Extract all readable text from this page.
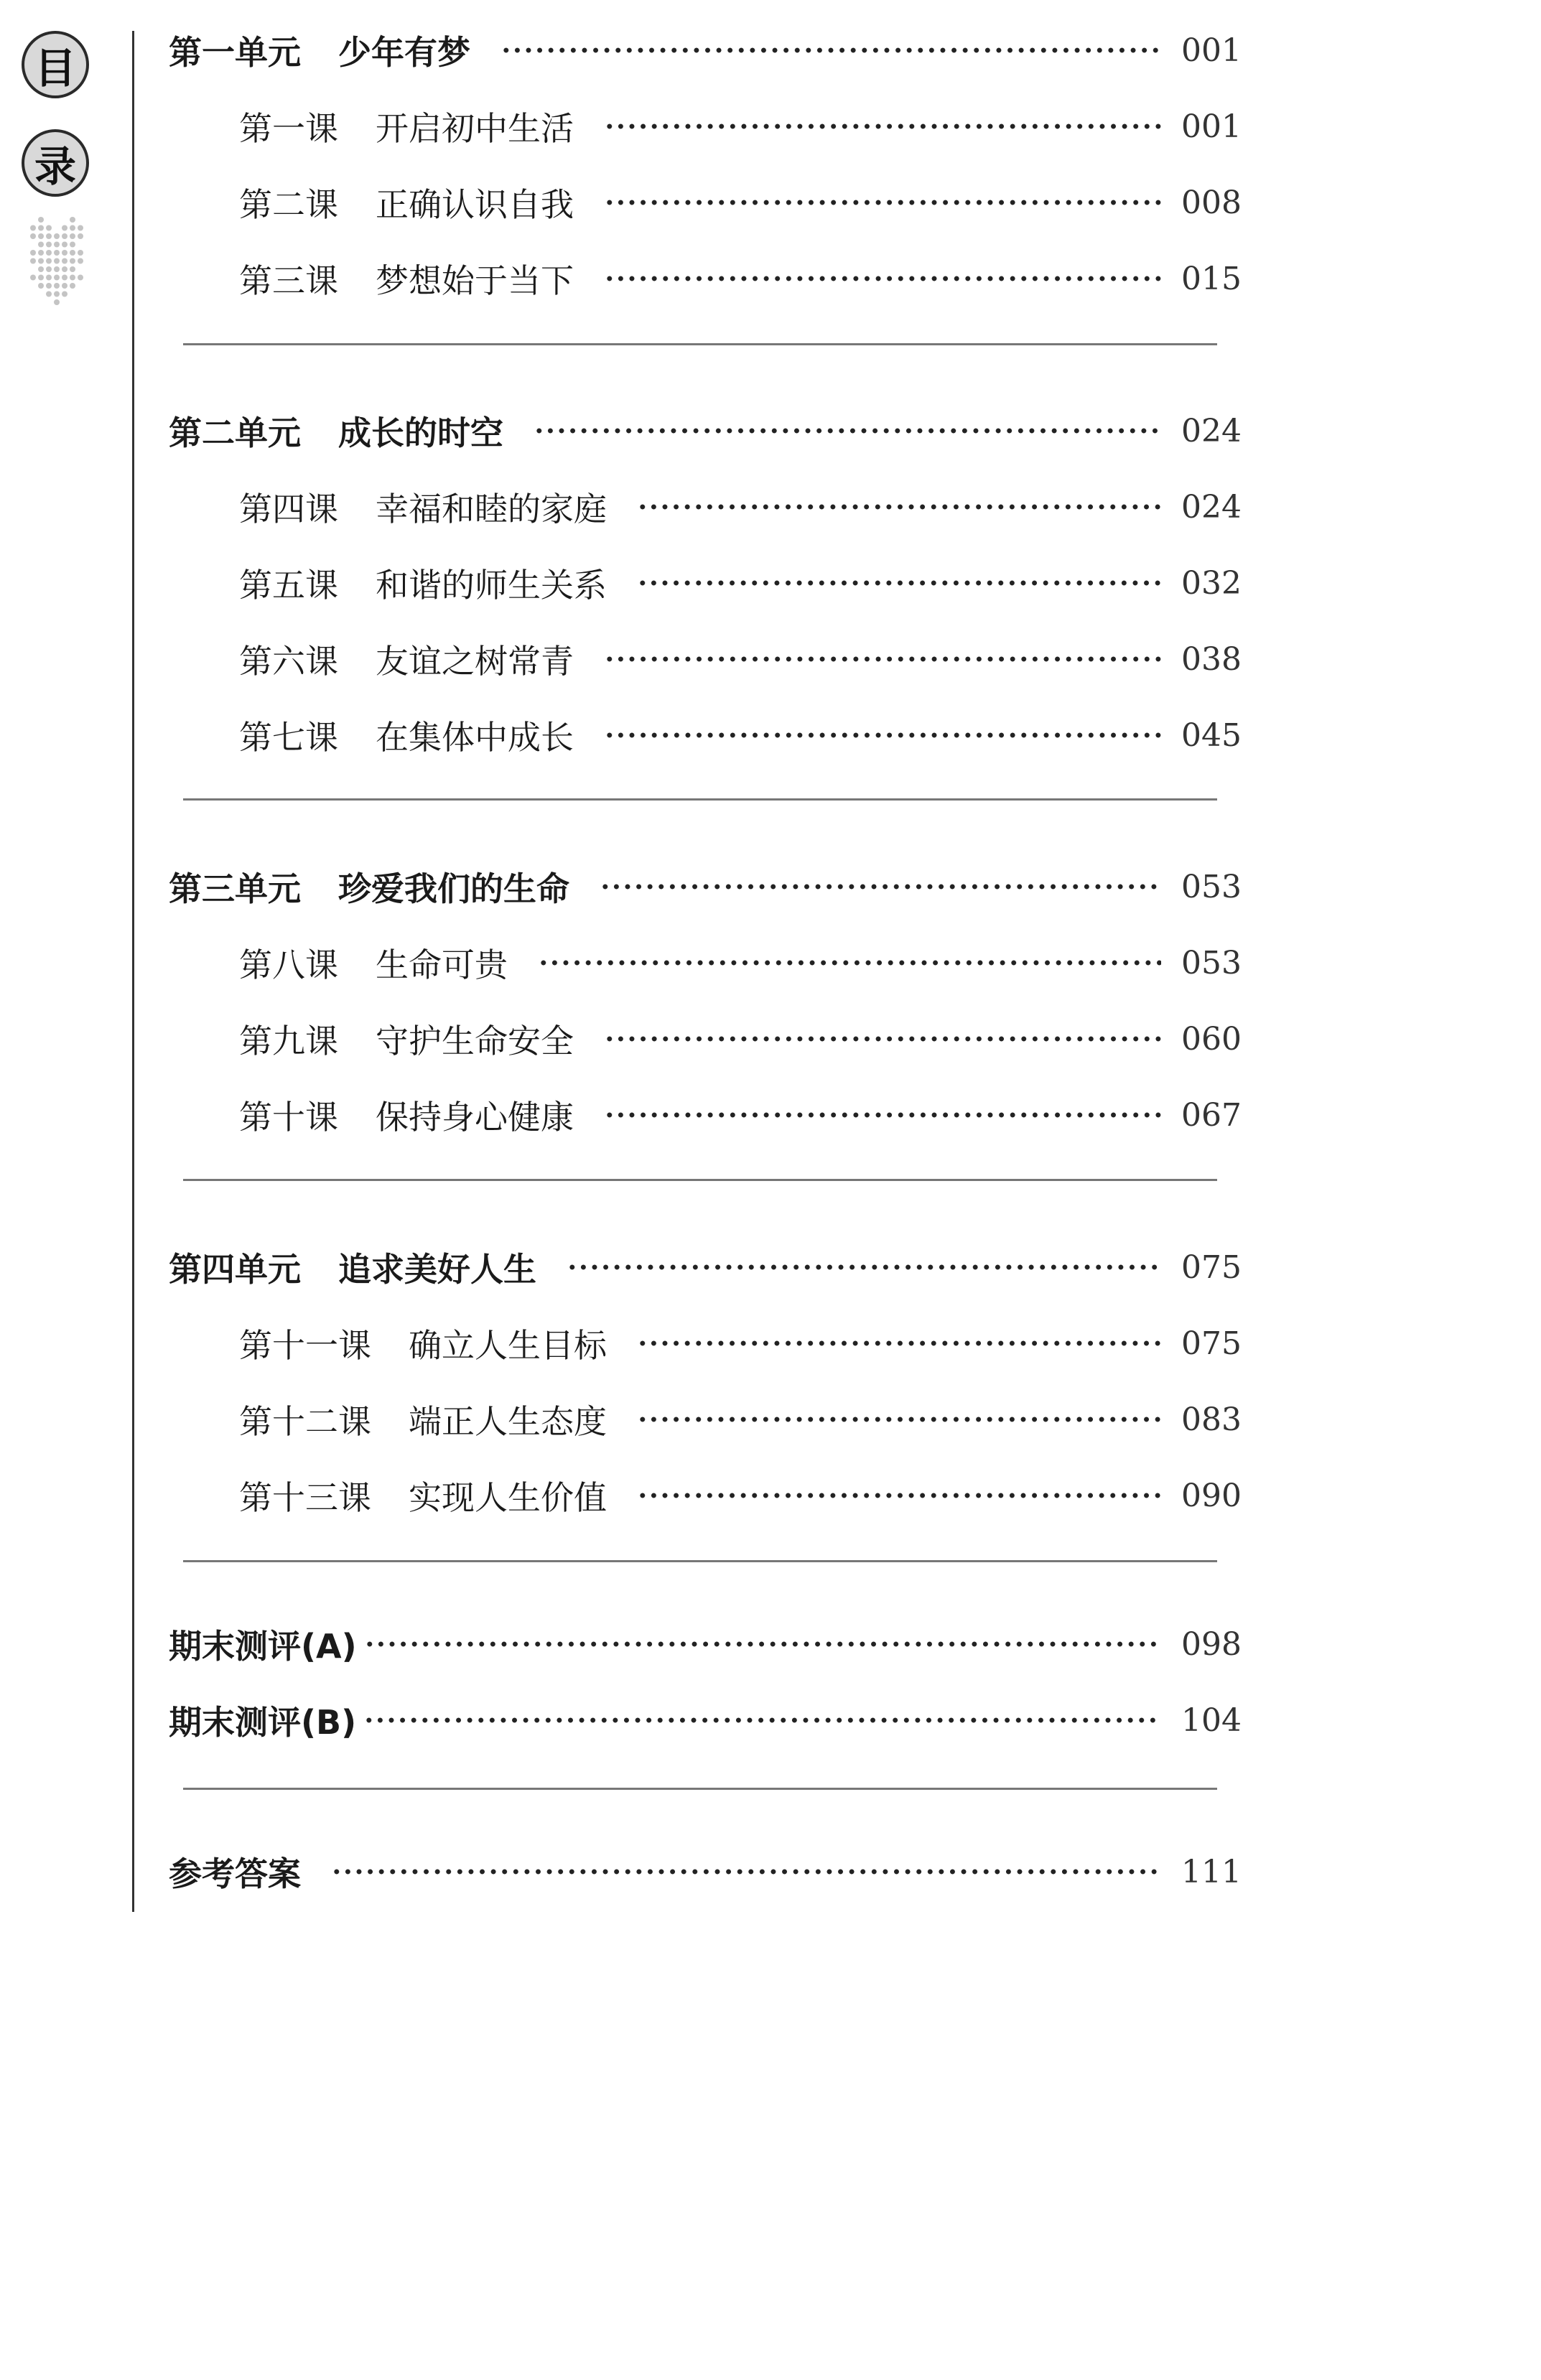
目
录
第一单元 少年有梦	001
第一课 开启初中生活	001
第二课 正确认识自我	008
第三课 梦想始于当下	015
第二单元 成长的时空	024
第四课 幸福和睦的家庭	024
第五课 和谐的师生关系	032
第六课 友谊之树常青	038
第七课 在集体中成长	045
第三单元 珍爱我们的生命	053
第八课 生命可贵	053
第九课 守护生命安全	060
第十课 保持身心健康	067
第四单元 追求美好人生	075
第十一课 确立人生目标	075
第十二课 端正人生态度	083
第十三课 实现人生价值	090
期末测评(A)	098
期末测评(B)	104
参考答案	111
